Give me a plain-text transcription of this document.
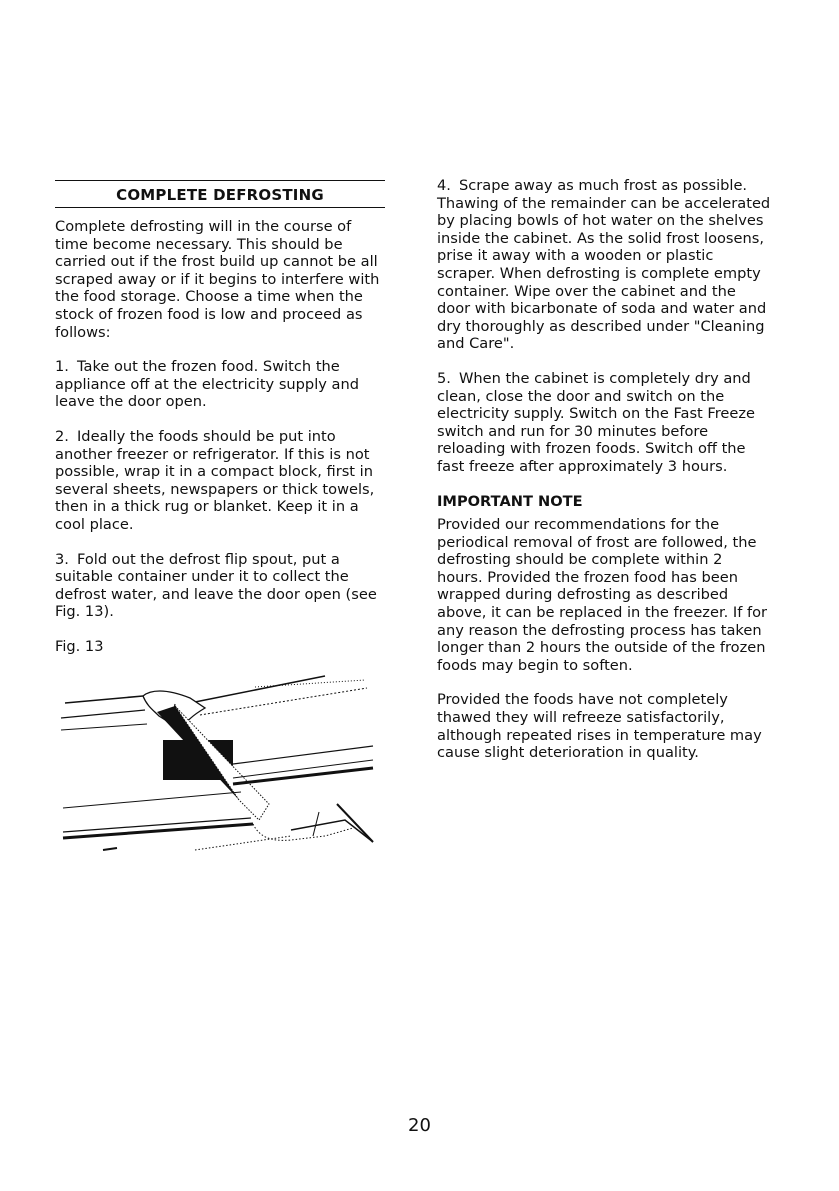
COMPLETE DEFROSTING

Complete defrosting will in the course of time become necessary. This should be carried out if the frost build up cannot be all scraped away or if it begins to interfere with the food storage. Choose a time when the stock of frozen food is low and proceed as follows:

1. Take out the frozen food. Switch the appliance off at the electricity supply and leave the door open.

2. Ideally the foods should be put into another freezer or refrigerator. If this is not possible, wrap it in a compact block, first in several sheets, newspapers or thick towels, then in a thick rug or blanket. Keep it in a cool place.

3. Fold out the defrost flip spout, put a suitable container under it to collect the defrost water, and leave the door open (see Fig. 13).

Fig. 13

4. Scrape away as much frost as possible. Thawing of the remainder can be accelerated by placing bowls of hot water on the shelves inside the cabinet. As the solid frost loosens, prise it away with a wooden or plastic scraper. When defrosting is complete empty container. Wipe over the cabinet and the door with bicarbonate of soda and water and dry thoroughly as described under "Cleaning and Care".

5. When the cabinet is completely dry and clean, close the door and switch on the electricity supply. Switch on the Fast Freeze switch and run for 30 minutes before reloading with frozen foods. Switch off the fast freeze after approximately 3 hours.

IMPORTANT NOTE

Provided our recommendations for the periodical removal of frost are followed, the defrosting should be complete within 2 hours. Provided the frozen food has been wrapped during defrosting as described above, it can be replaced in the freezer. If for any reason the defrosting process has taken longer than 2 hours the outside of the frozen foods may begin to soften.

Provided the foods have not completely thawed they will refreeze satisfactorily, although repeated rises in temperature may cause slight deterioration in quality.

20
